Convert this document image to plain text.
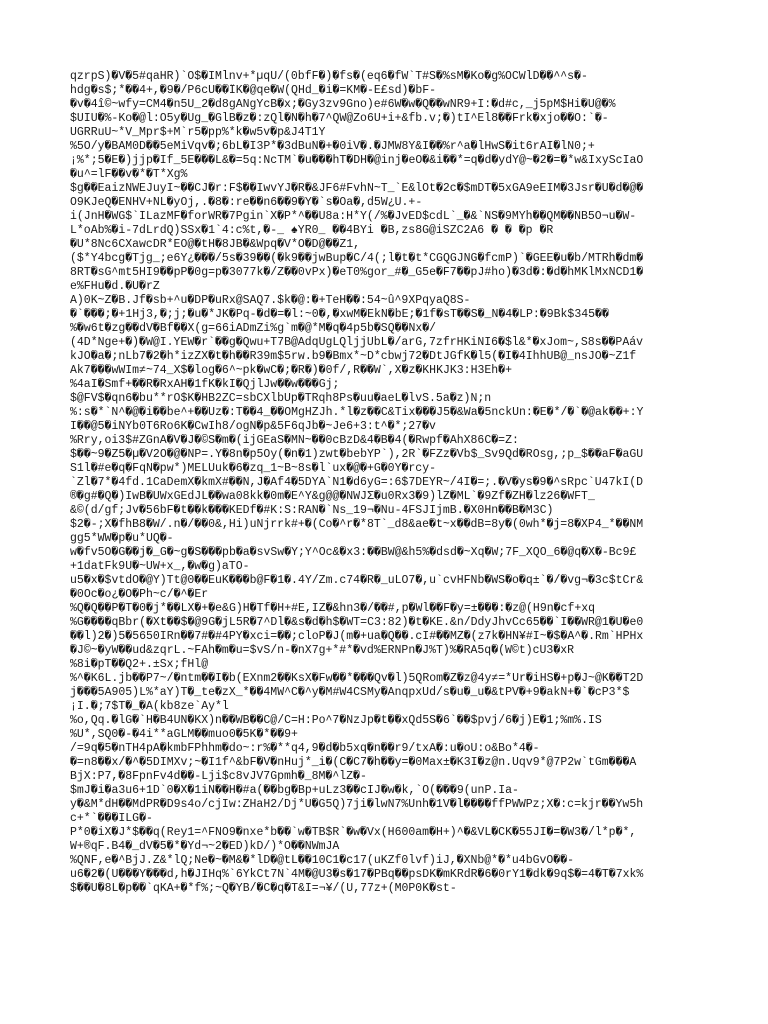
qzrpS)�V�5#qaHR)`O$�IMlnv+*µqU/(0bfF�)�fs�(eq6�fW`T#S�%sM�Ko�g%OCWlD��^^s�-
hdg�s$;*��4+,�9�/P6cU��ÏK�@qe�W(QHd_�i�=KM�-E£sd)�bF-
�v�4î©~wfy=CM4�n5U_2�d8gANgYcB�x;�Gy3zv9Gno)e#6W�w�Q��wNR9+I:�d#c,_j5pM$Hi�U@�%
$UIU�%-Ko�@l:O5y�Ug_�GlB�z�:zQl�N�h�7^QW@Zo6U+i+&fb.v;�)tI^El8��Frk�xjo��O:`�-
UGRRuU~*V_Mpr$+M`r5�pp%*k�w5v�p&J4T1Y
%5O/y�BAM0D��5eMiVqv�;6bL�I3P*�3dBuN�+�0iV�.�JMW8Y&I��%r^a�lHwS�it6rAI�lN0;+
¡%*;5�E�)jjp�If_5E���L&�=5q:NcTM`�u���hT�DH�@inj�eO�&i��*=q�d�ydY@~�2�=�*w&IxyScIaO
�u^=lF��v�*�T*Xg%
$g��EaizNWEJuyI~��CJ�r:F$��IwvYJ�R�&JF6#FvhN~T_`E&lOt�2c�$mDT�5xGA9eEIM�3Jsr�U�d�@�
O9KJeQ�ENHV+NL�yOj,.�8�:re��n6��9�Y�`s�Oa�,d5W¿U.+-
i(JnH�WG$`ILazMF�forWR�7Pgin`X�P*^��U8a:H*Y(/%�JvED$cdL`_�&`NS�9MYh��QM��NB5O¬u�W-
L*oAb%�i-7dLrdQ)SSx�1`4:c%t,�-_ ♠YR0_ ��4BYi �B,zs8G@iSZC2A6 � � �p �R
�U*8Nc6CXawcDR*EO@�tH�8JB�&Wpq�V*O�D@��Z1,
($*Y4bcg�Tjg_;e6Y¿���/5s�39��(�k9��jwBup�C/4(;l�t�t*CGQGJNG�fcmP)`�GEE�u�b/MTRh�dm�
8RT�sG^mt5HI9��pP�0g=p�3077k�/Z��0vPx)�eT0%gor_#�_G5e�F7��pJ#ho)�3d�:�d�hMKlMxNCD1�
e%FHu�d.�U�rZ
A)0K~Z�B.Jf�sb+^u�DP�uRx@SAQ7.$k�@:�+TeH��:54~û^9XPqyaQ8S-
�`���;�+1Hj3,�;j;�u�*JK�Pq-�d�=�l:~0�,�xwM�EkN�bE;�1f�sT��S�_N�4�LP:�9Bk$345��
%�w6t�zg��dV�Bf��X(g=66iADmZi%g`m�@*M�q�4p5b�SQ��Nx�/
(4D*Nge+�)�W@I.YEW�r`��g�Qwu+T7B@AdqUgLQljjUbL�/arG,7zfrHKiNI6�$l&*�xJom~,S8s��PAáv
kJO�a�;nLb7�2�h*izZX�t�h��R39m$5rw.b9�Bmx*~D*cbwj72�DtJGfK�l5(�I�4IhhUB@_nsJO�~Z1f
Ak7���wWIm≠~74_X$�log�6^~pk�wC�;�R�)�0f/,R��W`,X�z�KHKJK3:H3Eh�+
%4aI�Smf+��R�RxAH�1fK�kI�QjlJw��w���Gj;
$@FV$�qn6�bu**rO$K�HB2ZC=sbCXlbUp�TRqh8Ps�uu�aeL�lvS.5a�z)N;n
%:s�*`N^�@�i��be^+��Uz�:T��4_��OMgHZJh.*l�z��C&Tix���J5�&Wa�5nckUn:�E�*/�`�@ak��+:Y
I��@5�iNYb0T6Ro6K�CwIh8/ogN�p&5F6qJb�~Je6+3:t^�*;27�v
%Rry,oi3$#ZGnA�V�J�©S�m�(ijGEaS�MN~��0cBzD&4�B�4(�Rwpf�AhX86C�=Z:
$��~9�Z5�µ�V2O�@�NP=.Y�8n�p5Oy(�n�1)zwt�bebYP`),2R`�FZz�Vb$_Sv9Qd�ROsg,;p_$��aF�aGU
S1l�#e�q�FqN�pw*)MELUuk�6�zq_1~B~8s�l`ux�@�+G�0Y�rcy-
`Zl�7*�4fd.1CaDemX�kmX#��N,J�Af4�5DYA`N1�d6yG=:6$7DEYR~/4I�=;.�V�ys�9�^sRpc`U47kI(D
®�g#�Q�)IwB�UWxGEdJL��wa08kk�0m�E^Y&g@@�NWJΣ�u0Rx3�9)lZ�ML`�9Zf�ZH�lz26�WFT_
&©(d/gf;Jv�56bF�t��k���KEDf�#K:S:RAN�`Ns_19¬�Nu-4FSJIjmB.�X0Hn��B�M3C)
$2�-;X�fhB8�W/.n�/��0&,Hi)uNjrrk#+�(Co�^r�*8T`_d8&ae�t~x��dB=8y�(0wh*�j=8�XP4_*��NM
gg5*WW�p�u*UQ�-
w�fv5O�G��j�_G�~g�S���pb�a�svSw�Y;Y^Oc&�x3:��BW@&h5%�dsd�~Xq�W;7F_XQO_6�@q�X�-Bc9£
+1datFk9U�~UW+x_,�w�g)aTO-
u5�x�$vtdO�@Y)Tt@0��EuK���b@F�1�.4Y/Zm.c74�R�_uLO7�,u`cvHFNb�WS�o�q±`�/�vg¬�3c$tCr&
�0Oc�o¿�O�Ph~c/�^�Er
%Q�Q��P�T�0�j*��LX�+�e&G)H�Tf�H+#E,IZ�&hn3�/��#,p�Wl��F�y=±���:�z@(H9n�cf+xq
%G����qBbr(�Xt��$�@9G�jL5R�7^Dl�&s�d�h$�WT=C3:82)�t�KE.&n/DdyJhvCc65��`I��WR@1�U�e0
��l)2�)5�5650IRn��7#�#4PY�xci=��;cloP�J(m�+ua�Q��.cI#��MZ�(z7k�HN¥#I~�$�A^�.Rm`HPHx
�J©~�yW��ud&zqrL.~FAh�m�u=$vS/n-�nX7g+*#*�vd%ERNPn�J%T)%�RA5q�(W©t)cU3�xR
%8i�pT��Q2+.±Sx;fHl@
%^�K6L.jb��P7~/�ntm��I�b(EXnm2��KsX�Fw��*���Qv�l)5QRom�Z�z@4y≠=*Ur�iHS�+p�J~@K��T2D
j���5A905)L%*aY)T�_te�zX_*��4MW^C�^y�M#W4CSMy�AnqpxUd/s�u�_u�&tPV�+9�akN+�`�cP3*$
¡I.�;7$T�_�A(kb8ze`Ay*l
%o,Qq.�lG�`H�B4UN�KX)n��WB��C@/C=H:Po^7�NzJp�t��xQd5S�6`��$pvj/6�j)E�1;%m%.IS
%U*,SQ0�-�4i**aGLM��muo0�5K�*��9+
/=9q�5�nTH4pA�kmbFPhhm�do~:r%�**q4,9�d�b5xq�n��r9/txA�:u�oU:o&Bo*4�-
�=n8��x/�^�5DIMXv;~�I1f^&bF�V�nHuj*_i�(C�C7�h��y=�0Max±�K3I�z@n.Uqv9*@7P2w`tGm���A
BjX:P7,�8FpnFv4d��-Lji$c8vJV7Gpmh�_8M�^lZ�-
$mJ�i�a3u6+1D`0�X�1iN��H�#a(��bg�Bp+uLz3��cIJ�w�k,`O(���9(unP.Ia-
y�&M*dH��MdPR�D9s4o/cjIw:ZHaH2/Dj*U�G5Q)7ji�lwN7%Unh�1V�l����ffPWWPz;X�:c=kjr��Yw5h
c+*`���ILG�-
P*0�iX�J*$��q(Rey1=^FNO9�nxe*b��`w�TB$R`�w�Vx(H600am�H+)^�&VL�CK�55JI�=�W3�/l*p�*,
W+®qF.B4�_dV�5�*�Yd¬~2�ED)kD/)*O��NWmJA
%QNF,e�^BjJ.Z&*lQ;Ne�~�M&�*lD�@tL��10C1�c17(uKZf0lvf)iJ,�XNb@*�*u4bGvO��-
u6�2�(U���Y���d,h�JIHq%`6YkCt7N`4M�@U3�s�17�PBq��psDK�mKRdR�6�0rY1�dk�9q$�=4�T�7xk%
$��U�8L�p��`qKA+�*f%;~Q�YB/�C�q�T&I=¬¥/(U,77z+(M0P0K�st-
